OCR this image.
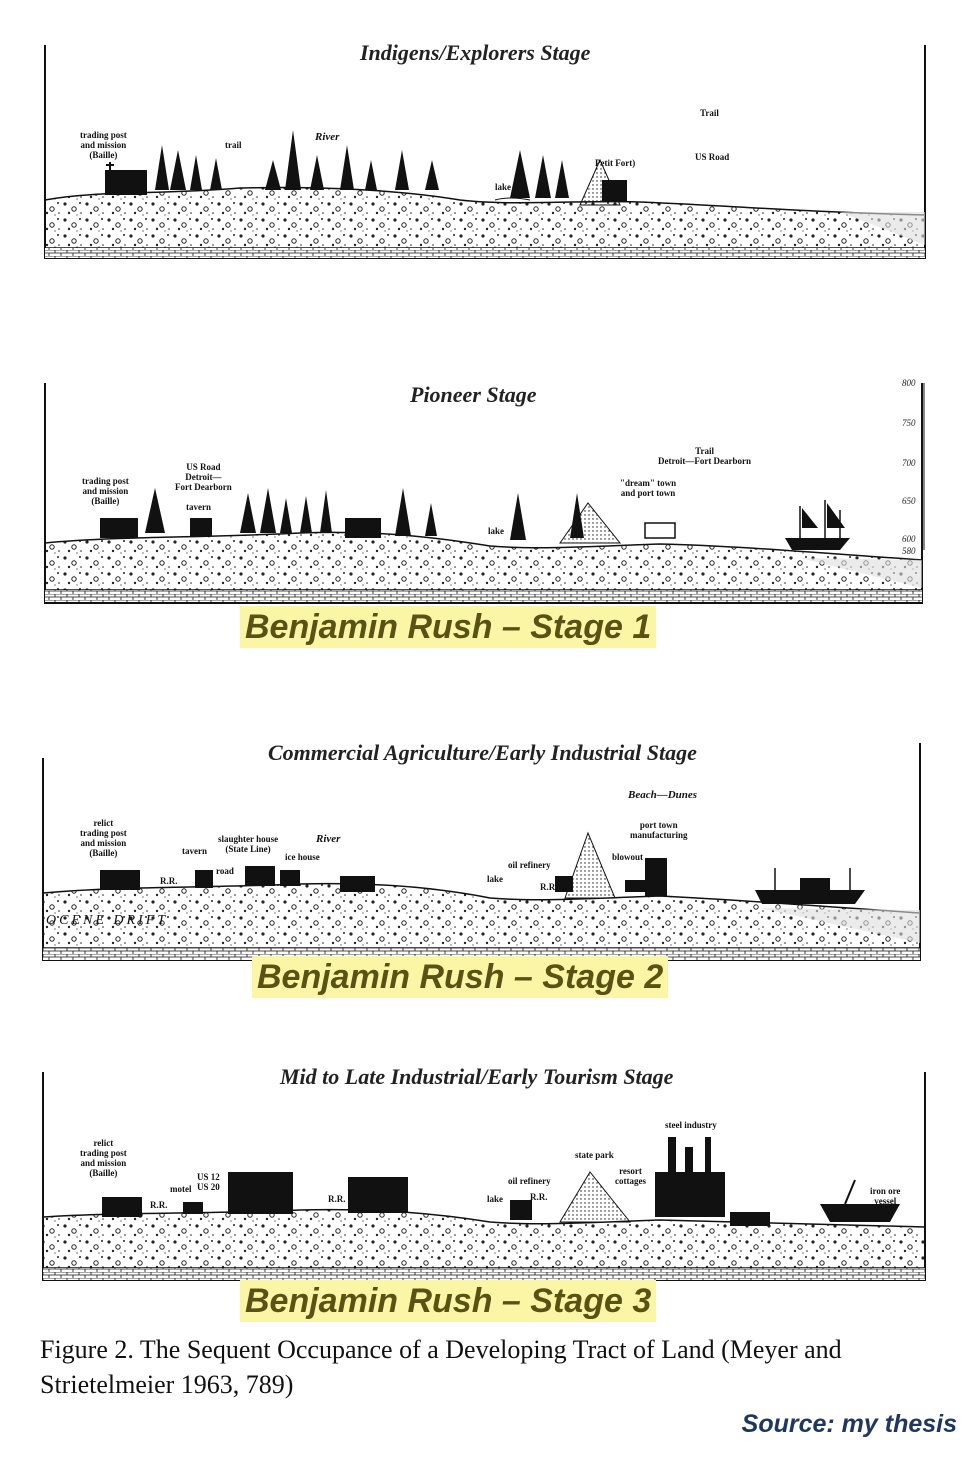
Indigens/Explorers Stage
trading post
and mission
(Baille)
trail
River
lake
Petit Fort)
Trail
US Road
Pioneer Stage
trading post
and mission
(Baille)
US Road
Detroit—
Fort Dearborn
tavern
lake
"dream" town
and port town
Trail
Detroit—Fort Dearborn
800
750
700
650
600
580
Benjamin Rush – Stage 1
Commercial Agriculture/Early Industrial Stage
relict
trading post
and mission
(Baille)	tavern
R.R.
slaughter house
(State Line)
road
ice house
River
oil refinery
lake
R.R.
blowout
Beach—Dunes
port town
manufacturing
OCENE DRIFT
Benjamin Rush – Stage 2
Mid to Late Industrial/Early Tourism Stage
relict
trading post
and mission
(Baille)
motel
US 12
US 20
R.R.
R.R.
oil refinery
lake	R.R.
state park
resort
cottages
steel industry
iron ore
vessel
Benjamin Rush – Stage 3
Figure 2. The Sequent Occupance of a Developing Tract of Land (Meyer and Strietelmeier 1963, 789)
Source: my thesis
